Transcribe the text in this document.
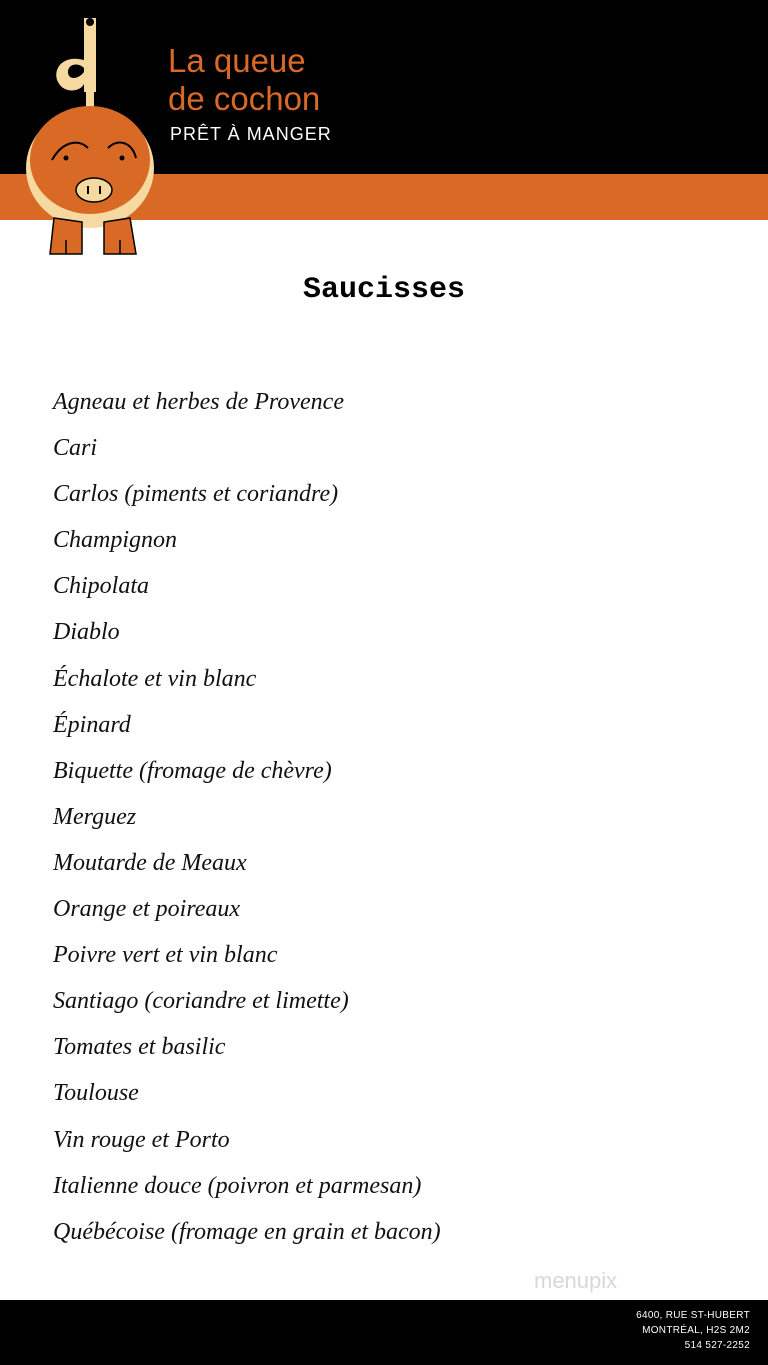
La queue
de cochon
PRÊT À MANGER
Saucisses
Agneau et herbes de Provence
Cari
Carlos (piments et coriandre)
Champignon
Chipolata
Diablo
Échalote et vin blanc
Épinard
Biquette (fromage de chèvre)
Merguez
Moutarde de Meaux
Orange et poireaux
Poivre vert et vin blanc
Santiago (coriandre et limette)
Tomates et basilic
Toulouse
Vin rouge et Porto
Italienne douce (poivron et parmesan)
Québécoise (fromage en grain et bacon)
menupix
6400, RUE ST-HUBERT
MONTRÉAL, H2S 2M2
514 527-2252
